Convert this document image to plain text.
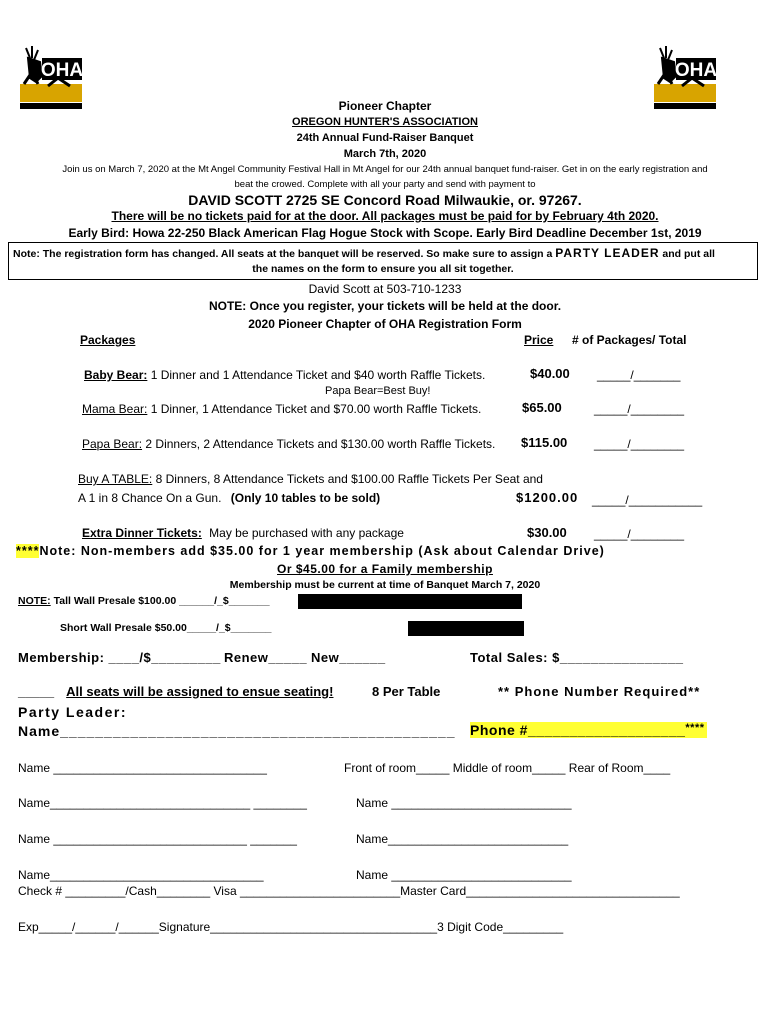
OHA	OHA
Pioneer Chapter
OREGON HUNTER'S ASSOCIATION
24th Annual Fund-Raiser Banquet
March 7th, 2020
Join us on March 7, 2020 at the Mt Angel Community Festival Hall in Mt Angel for our 24th annual banquet fund-raiser. Get in on the early registration and
beat the crowed. Complete with all your party and send with payment to
DAVID SCOTT 2725 SE Concord Road Milwaukie, or. 97267.
There will be no tickets paid for at the door. All packages must be paid for by February 4th 2020.
Early Bird: Howa 22-250 Black American Flag Hogue Stock with Scope. Early Bird Deadline December 1st, 2019
Note: The registration form has changed. All seats at the banquet will be reserved. So make sure to assign a PARTY LEADER and put all
the names on the form to ensure you all sit together.
David Scott at 503-710-1233
NOTE: Once you register, your tickets will be held at the door.
2020 Pioneer Chapter of OHA Registration Form
Packages	Price # of Packages/ Total
Baby Bear: 1 Dinner and 1 Attendance Ticket and $40 worth Raffle Tickets.	$40.00 _____/_______
Papa Bear=Best Buy!
Mama Bear: 1 Dinner, 1 Attendance Ticket and $70.00 worth Raffle Tickets.	$65.00	_____/________
Papa Bear: 2 Dinners, 2 Attendance Tickets and $130.00 worth Raffle Tickets. $115.00 _____/________
Buy A TABLE: 8 Dinners, 8 Attendance Tickets and $100.00 Raffle Tickets Per Seat and
A 1 in 8 Chance On a Gun. (Only 10 tables to be sold)	$1200.00 _____/___________
Extra Dinner Tickets: May be purchased with any package	$30.00 _____/________
****Note: Non-members add $35.00 for 1 year membership (Ask about Calendar Drive)
Or $45.00 for a Family membership
Membership must be current at time of Banquet March 7, 2020
NOTE: Tall Wall Presale $100.00 ______/_$_______
Short Wall Presale $50.00_____/_$_______
Membership: ____/$_________ Renew_____ New______	Total Sales: $________________
_____ All seats will be assigned to ensue seating!	8 Per Table	** Phone Number Required**
Party Leader:
Name_____________________________________________ Phone #___________________****
Name ________________________________	Front of room_____ Middle of room_____ Rear of Room____
Name______________________________ ________	Name ___________________________
Name _____________________________ _______	Name___________________________
Name________________________________	Name ___________________________
Check # _________/Cash________ Visa ________________________Master Card________________________________
Exp_____/______/______Signature__________________________________3 Digit Code_________
